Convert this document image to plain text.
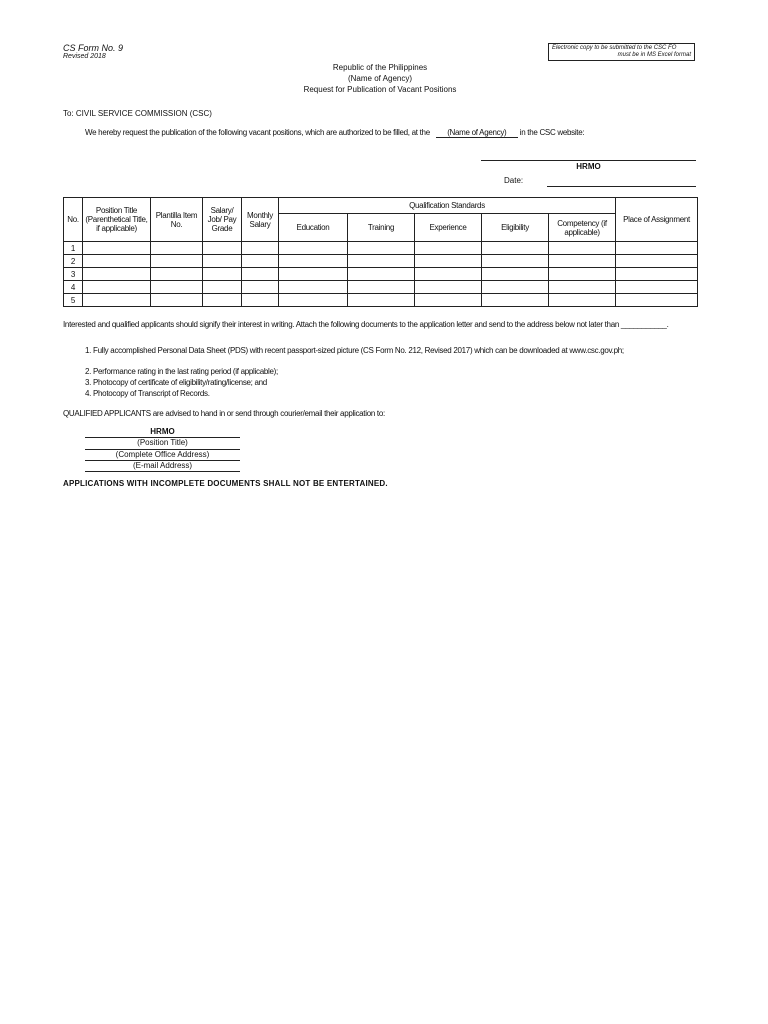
CS Form No. 9
Revised 2018
Electronic copy to be submitted to the CSC FO
must be in MS Excel format
Republic of the Philippines
(Name of Agency)
Request for Publication of Vacant Positions
To: CIVIL SERVICE COMMISSION (CSC)
We hereby request the publication of the following vacant positions, which are authorized to be filled, at the (Name of Agency) in the CSC website:
HRMO
Date:
No.	Position Title (Parenthetical Title, if applicable)	Plantilla Item No.	Salary/ Job/ Pay Grade	Monthly Salary	Qualification Standards					Place of Assignment
					Education	Training	Experience	Eligibility	Competency (if applicable)	
1										
2										
3										
4										
5										
Interested and qualified applicants should signify their interest in writing. Attach the following documents to the application letter and send to the address below not later than ___________.
1. Fully accomplished Personal Data Sheet (PDS) with recent passport-sized picture (CS Form No. 212, Revised 2017) which can be downloaded at www.csc.gov.ph;
2. Performance rating in the last rating period (if applicable);
3. Photocopy of certificate of eligibility/rating/license; and
4. Photocopy of Transcript of Records.
QUALIFIED APPLICANTS are advised to hand in or send through courier/email their application to:
HRMO
(Position Title)
(Complete Office Address)
(E-mail Address)
APPLICATIONS WITH INCOMPLETE DOCUMENTS SHALL NOT BE ENTERTAINED.
